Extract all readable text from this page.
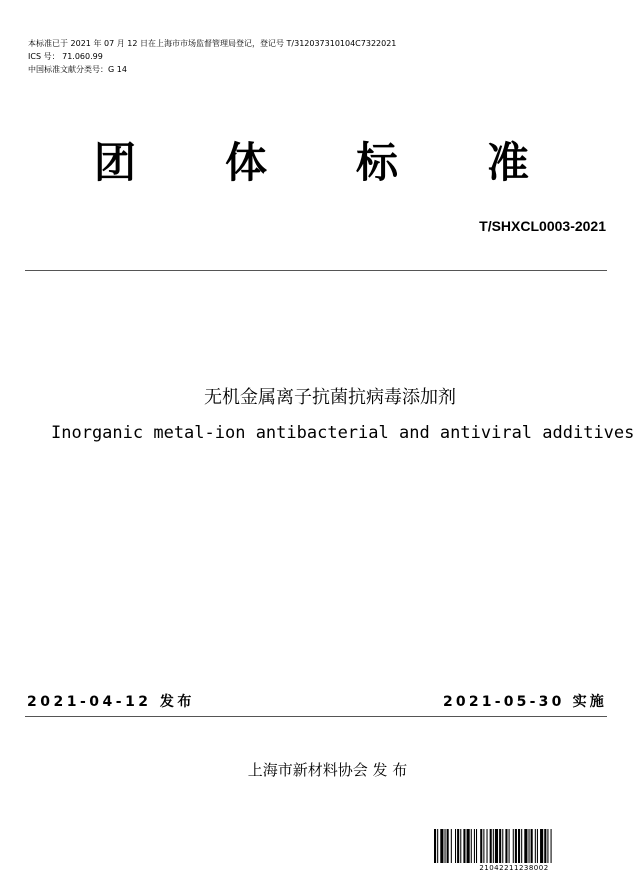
本标准已于 2021 年 07 月 12 日在上海市市场监督管理局登记，登记号 T/312037310104C7322021
ICS 号： 71.060.99
中国标准文献分类号：G 14
团 体 标 准
T/SHXCL0003-2021
无机金属离子抗菌抗病毒添加剂
Inorganic metal-ion antibacterial and antiviral additives
2021-04-12 发布	2021-05-30 实施
上海市新材料协会 发 布
21042211238002
